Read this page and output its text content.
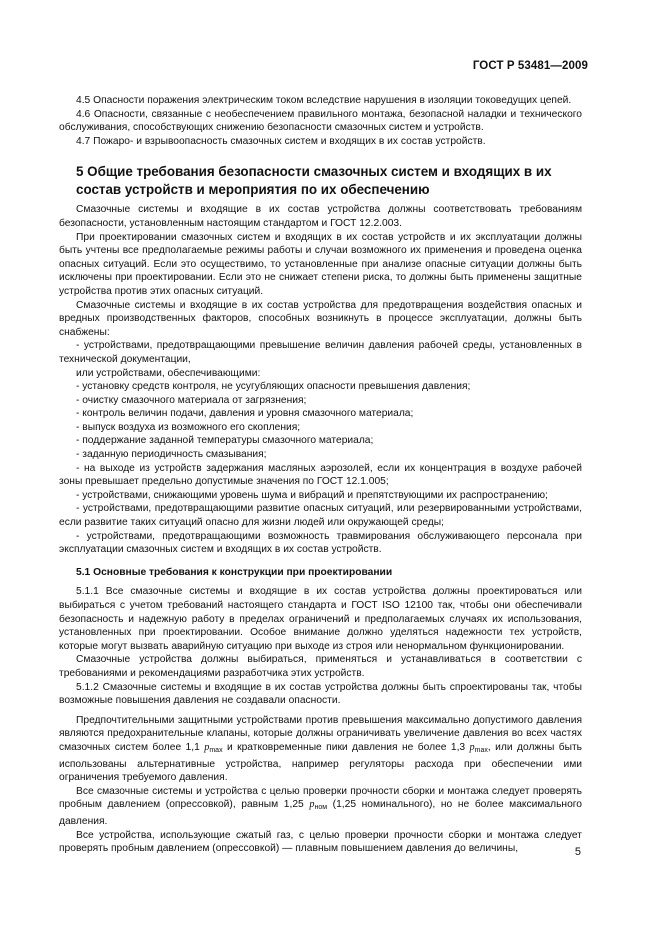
ГОСТ Р 53481—2009

4.5 Опасности поражения электрическим током вследствие нарушения в изоляции токоведущих цепей.

4.6 Опасности, связанные с необеспечением правильного монтажа, безопасной наладки и технического обслуживания, способствующих снижению безопасности смазочных систем и устройств.

4.7 Пожаро- и взрывоопасность смазочных систем и входящих в их состав устройств.

5 Общие требования безопасности смазочных систем и входящих в их состав устройств и мероприятия по их обеспечению

Смазочные системы и входящие в их состав устройства должны соответствовать требованиям безопасности, установленным настоящим стандартом и ГОСТ 12.2.003.

При проектировании смазочных систем и входящих в их состав устройств и их эксплуатации должны быть учтены все предполагаемые режимы работы и случаи возможного их применения и проведена оценка опасных ситуаций. Если это осуществимо, то установленные при анализе опасные ситуации должны быть исключены при проектировании. Если это не снижает степени риска, то должны быть применены защитные устройства против этих опасных ситуаций.

Смазочные системы и входящие в их состав устройства для предотвращения воздействия опасных и вредных производственных факторов, способных возникнуть в процессе эксплуатации, должны быть снабжены:

- устройствами, предотвращающими превышение величин давления рабочей среды, установленных в технической документации,

или устройствами, обеспечивающими:

- установку средств контроля, не усугубляющих опасности превышения давления;

- очистку смазочного материала от загрязнения;

- контроль величин подачи, давления и уровня смазочного материала;

- выпуск воздуха из возможного его скопления;

- поддержание заданной температуры смазочного материала;

- заданную периодичность смазывания;

- на выходе из устройств задержания масляных аэрозолей, если их концентрация в воздухе рабочей зоны превышает предельно допустимые значения по ГОСТ 12.1.005;

- устройствами, снижающими уровень шума и вибраций и препятствующими их распространению;

- устройствами, предотвращающими развитие опасных ситуаций, или резервированными устройствами, если развитие таких ситуаций опасно для жизни людей или окружающей среды;

- устройствами, предотвращающими возможность травмирования обслуживающего персонала при эксплуатации смазочных систем и входящих в их состав устройств.

5.1 Основные требования к конструкции при проектировании

5.1.1 Все смазочные системы и входящие в их состав устройства должны проектироваться или выбираться с учетом требований настоящего стандарта и ГОСТ ISO 12100 так, чтобы они обеспечивали безопасность и надежную работу в пределах ограничений и предполагаемых случаях их использования, установленных при проектировании. Особое внимание должно уделяться надежности тех устройств, которые могут вызвать аварийную ситуацию при выходе из строя или ненормальном функционировании.

Смазочные устройства должны выбираться, применяться и устанавливаться в соответствии с требованиями и рекомендациями разработчика этих устройств.

5.1.2 Смазочные системы и входящие в их состав устройства должны быть спроектированы так, чтобы возможные повышения давления не создавали опасности.

Предпочтительными защитными устройствами против превышения максимально допустимого давления являются предохранительные клапаны, которые должны ограничивать увеличение давления во всех частях смазочных систем более 1,1 $p_{max}$ и кратковременные пики давления не более 1,3 $p_{max}$, или должны быть использованы альтернативные устройства, например регуляторы расхода при обеспечении ими ограничения требуемого давления.

Все смазочные системы и устройства с целью проверки прочности сборки и монтажа следует проверять пробным давлением (опрессовкой), равным 1,25 $p_{ном}$ (1,25 номинального), но не более максимального давления.

Все устройства, использующие сжатый газ, с целью проверки прочности сборки и монтажа следует проверять пробным давлением (опрессовкой) — плавным повышением давления до величины,	5
